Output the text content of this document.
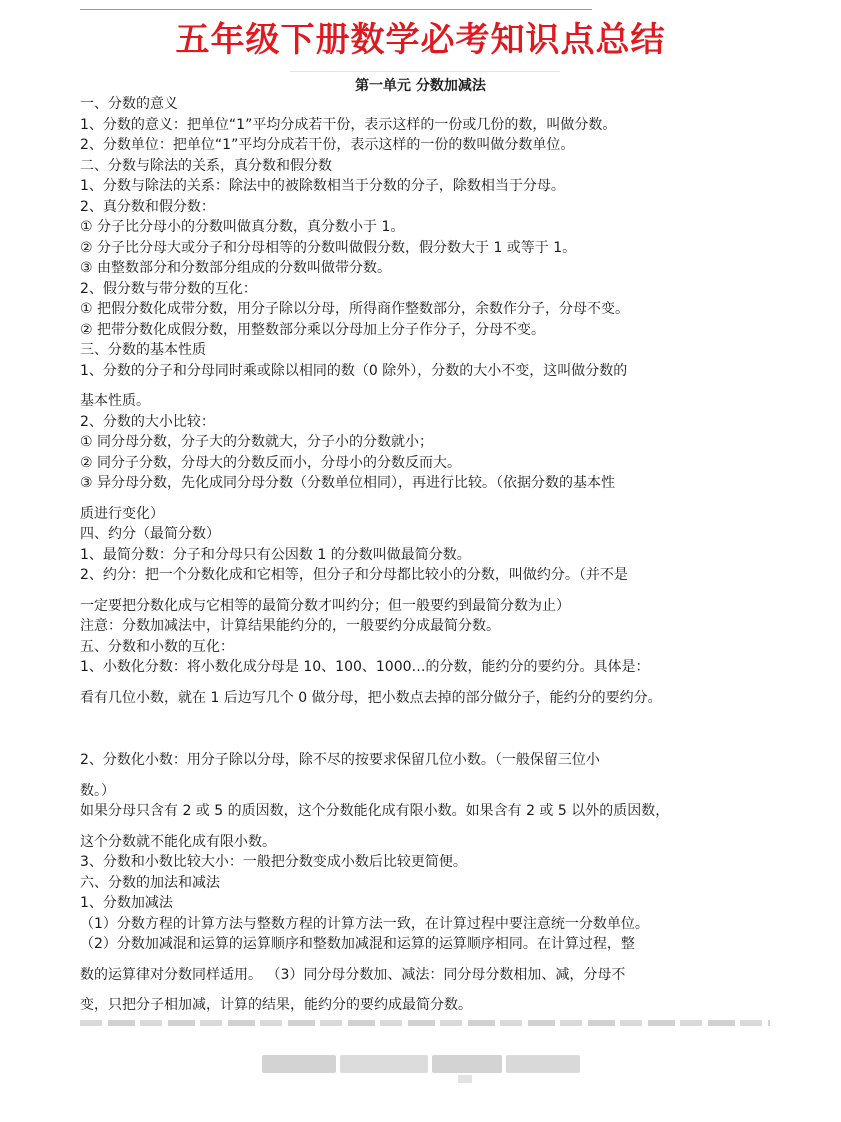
五年级下册数学必考知识点总结
第一单元 分数加减法
一、分数的意义
1、分数的意义：把单位“1”平均分成若干份，表示这样的一份或几份的数，叫做分数。
2、分数单位：把单位“1”平均分成若干份，表示这样的一份的数叫做分数单位。
二、分数与除法的关系，真分数和假分数
1、分数与除法的关系：除法中的被除数相当于分数的分子，除数相当于分母。
2、真分数和假分数：
① 分子比分母小的分数叫做真分数，真分数小于 1。
② 分子比分母大或分子和分母相等的分数叫做假分数，假分数大于 1 或等于 1。
③ 由整数部分和分数部分组成的分数叫做带分数。
2、假分数与带分数的互化：
① 把假分数化成带分数，用分子除以分母，所得商作整数部分，余数作分子，分母不变。
② 把带分数化成假分数，用整数部分乘以分母加上分子作分子，分母不变。
三、分数的基本性质
1、分数的分子和分母同时乘或除以相同的数（0 除外），分数的大小不变，这叫做分数的
基本性质。
2、分数的大小比较：
① 同分母分数，分子大的分数就大，分子小的分数就小；
② 同分子分数，分母大的分数反而小，分母小的分数反而大。
③ 异分母分数，先化成同分母分数（分数单位相同），再进行比较。（依据分数的基本性
质进行变化）
四、约分（最简分数）
1、最简分数：分子和分母只有公因数 1 的分数叫做最简分数。
2、约分：把一个分数化成和它相等，但分子和分母都比较小的分数，叫做约分。（并不是
一定要把分数化成与它相等的最简分数才叫约分；但一般要约到最简分数为止）
注意：分数加减法中，计算结果能约分的，一般要约分成最简分数。
五、分数和小数的互化：
1、小数化分数：将小数化成分母是 10、100、1000…的分数，能约分的要约分。具体是：
看有几位小数，就在 1 后边写几个 0 做分母，把小数点去掉的部分做分子，能约分的要约分。
2、分数化小数：用分子除以分母，除不尽的按要求保留几位小数。（一般保留三位小
数。）
如果分母只含有 2 或 5 的质因数，这个分数能化成有限小数。如果含有 2 或 5 以外的质因数，
这个分数就不能化成有限小数。
3、分数和小数比较大小：一般把分数变成小数后比较更简便。
六、分数的加法和减法
1、分数加减法
（1）分数方程的计算方法与整数方程的计算方法一致，在计算过程中要注意统一分数单位。
（2）分数加减混和运算的运算顺序和整数加减混和运算的运算顺序相同。在计算过程，整
数的运算律对分数同样适用。 （3）同分母分数加、减法：同分母分数相加、减，分母不
变，只把分子相加减，计算的结果，能约分的要约成最简分数。
